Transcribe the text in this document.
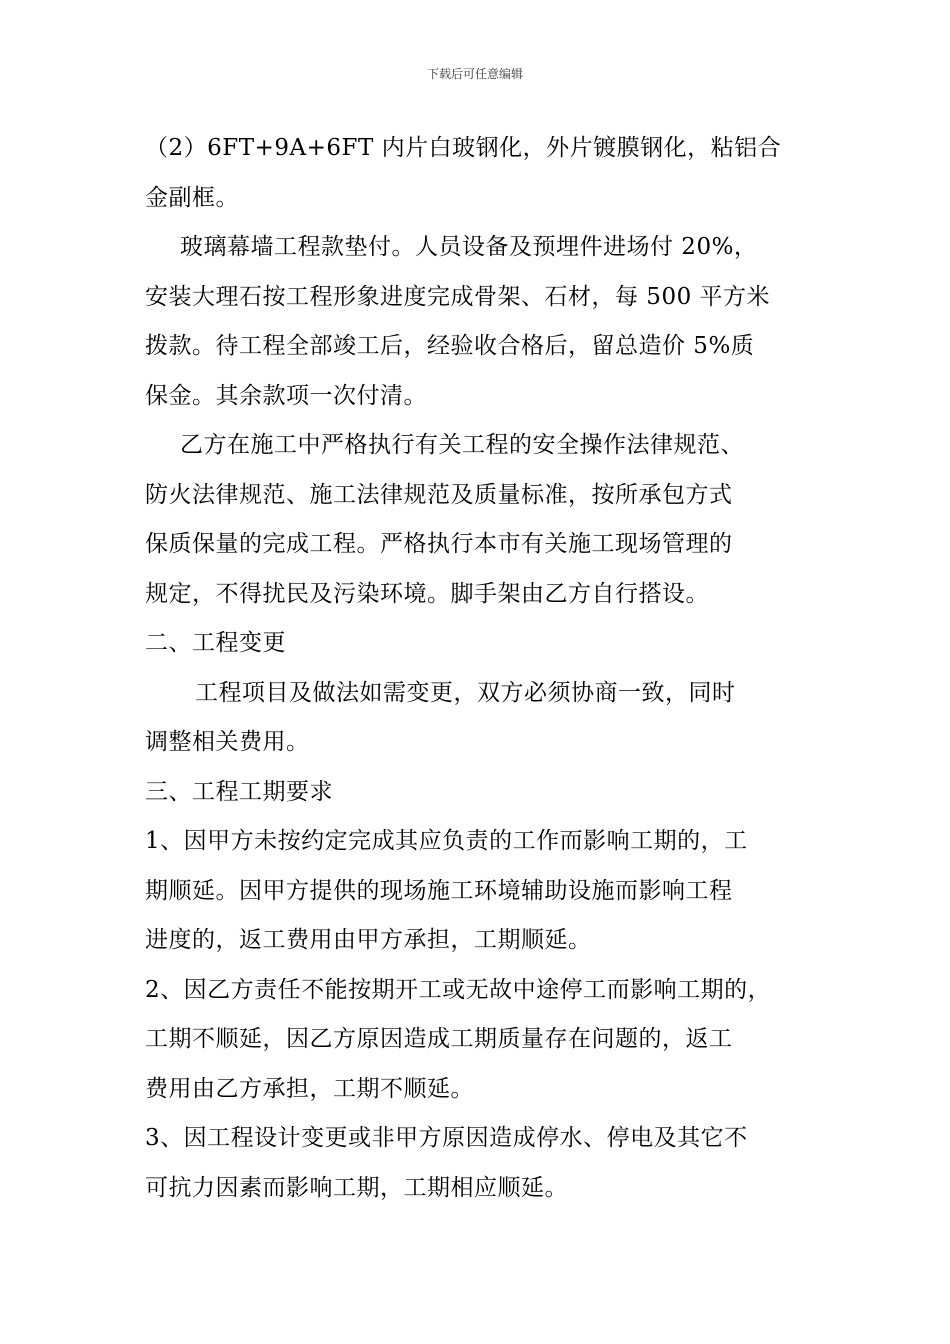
下载后可任意编辑

（2）6FT+9A+6FT 内片白玻钢化，外片镀膜钢化，粘铝合

金副框。

玻璃幕墙工程款垫付。人员设备及预埋件进场付 20%，

安装大理石按工程形象进度完成骨架、石材，每 500 平方米

拨款。待工程全部竣工后，经验收合格后，留总造价 5%质

保金。其余款项一次付清。

乙方在施工中严格执行有关工程的安全操作法律规范、

防火法律规范、施工法律规范及质量标准，按所承包方式

保质保量的完成工程。严格执行本市有关施工现场管理的

规定，不得扰民及污染环境。脚手架由乙方自行搭设。

二、工程变更

工程项目及做法如需变更，双方必须协商一致，同时

调整相关费用。

三、工程工期要求

1、因甲方未按约定完成其应负责的工作而影响工期的，工

期顺延。因甲方提供的现场施工环境辅助设施而影响工程

进度的，返工费用由甲方承担，工期顺延。

2、因乙方责任不能按期开工或无故中途停工而影响工期的，

工期不顺延，因乙方原因造成工期质量存在问题的，返工

费用由乙方承担，工期不顺延。

3、因工程设计变更或非甲方原因造成停水、停电及其它不

可抗力因素而影响工期，工期相应顺延。
